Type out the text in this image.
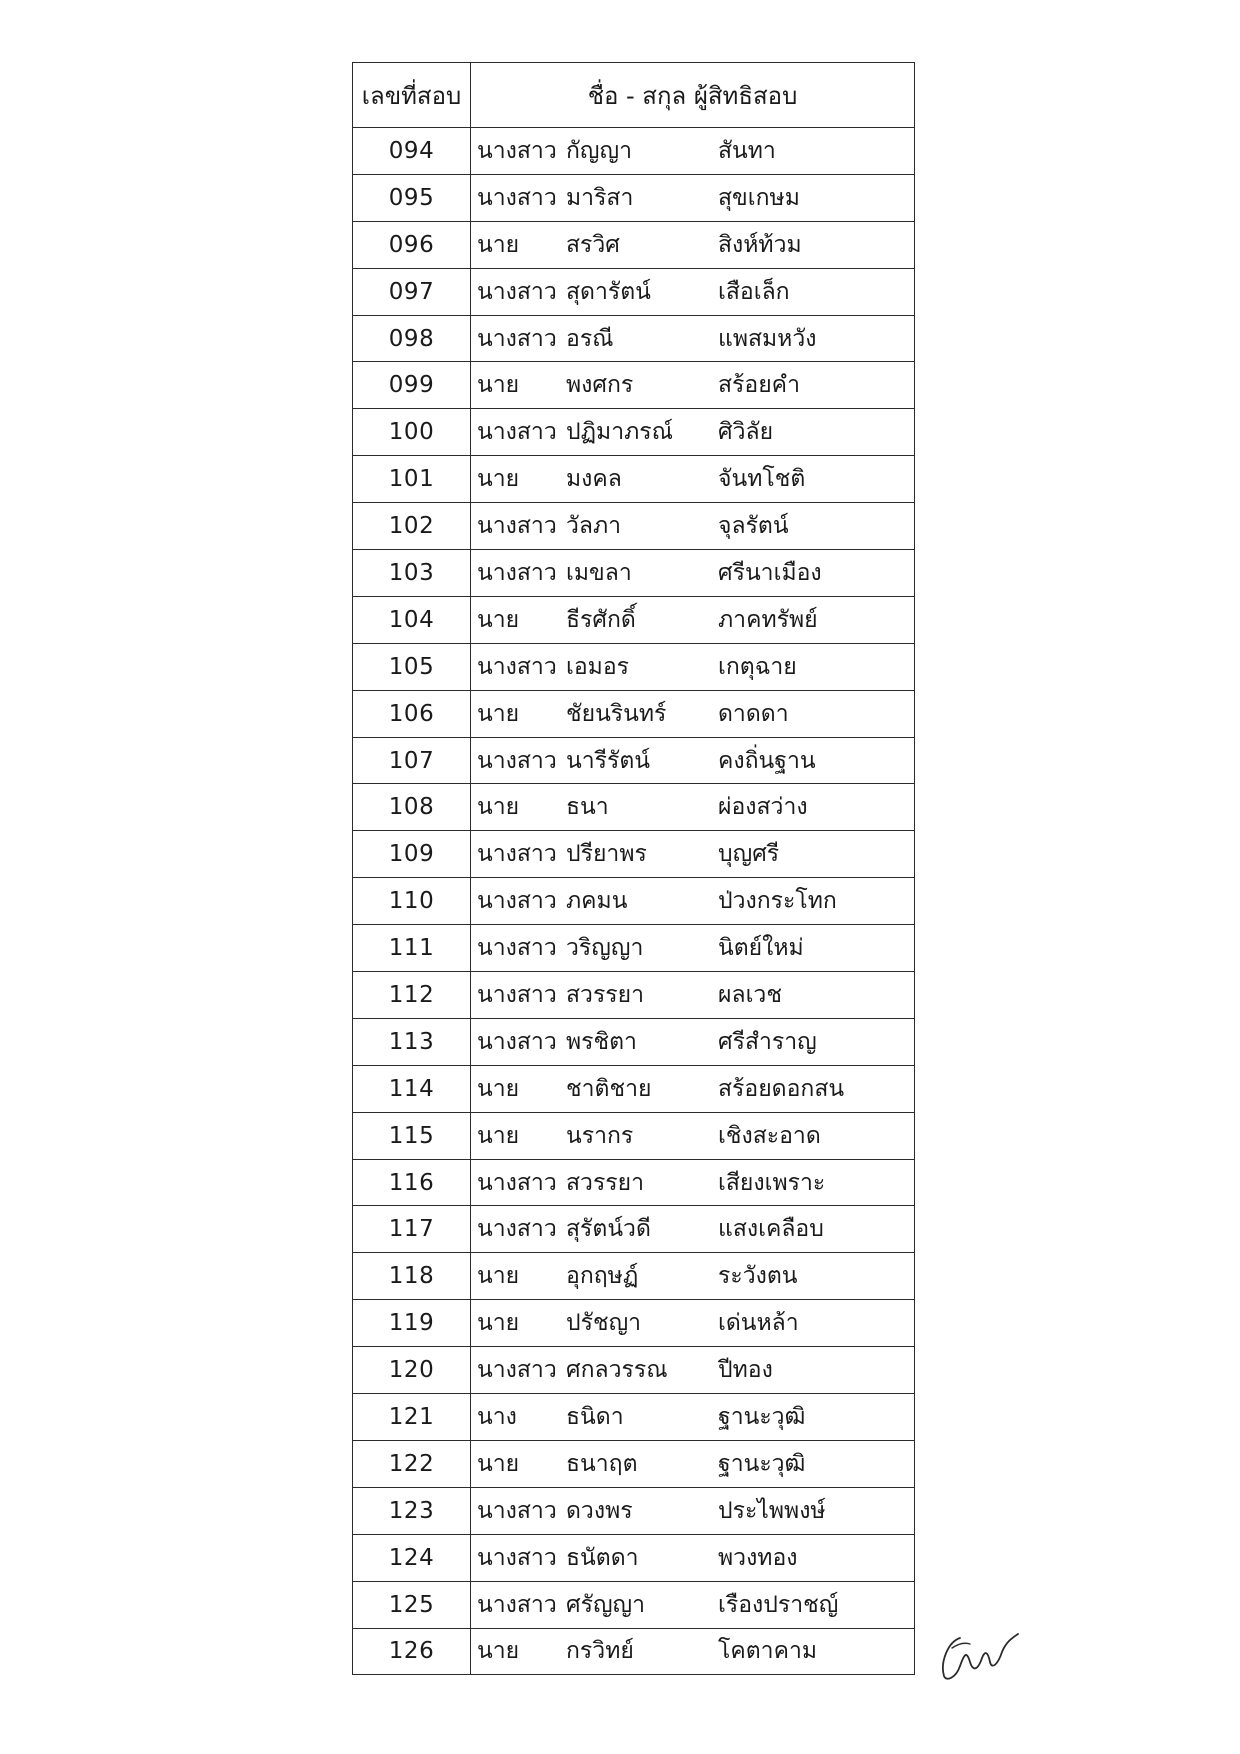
เลขที่สอบ	ชื่อ - สกุล ผู้สิทธิสอบ
094	นางสาว กัญญา สันทา

095	นางสาว มาริสา สุขเกษม

096	นาย สรวิศ สิงห์ท้วม

097	นางสาว สุดารัตน์ เสือเล็ก

098	นางสาว อรณี แพสมหวัง

099	นาย พงศกร สร้อยคำ

100	นางสาว ปฏิมาภรณ์ ศิวิลัย

101	นาย มงคล จันทโชติ

102	นางสาว วัลภา จุลรัตน์

103	นางสาว เมขลา ศรีนาเมือง

104	นาย ธีรศักดิ์ ภาคทรัพย์

105	นางสาว เอมอร เกตุฉาย

106	นาย ชัยนรินทร์ ดาดดา

107	นางสาว นารีรัตน์ คงถิ่นฐาน

108	นาย ธนา ผ่องสว่าง

109	นางสาว ปรียาพร บุญศรี

110	นางสาว ภคมน ป่วงกระโทก

111	นางสาว วริญญา นิตย์ใหม่

112	นางสาว สวรรยา ผลเวช

113	นางสาว พรชิตา ศรีสำราญ

114	นาย ชาติชาย สร้อยดอกสน

115	นาย นรากร เชิงสะอาด

116	นางสาว สวรรยา เสียงเพราะ

117	นางสาว สุรัตน์วดี แสงเคลือบ

118	นาย อุกฤษฏ์ ระวังตน

119	นาย ปรัชญา เด่นหล้า

120	นางสาว ศกลวรรณ ปีทอง

121	นาง ธนิดา ฐานะวุฒิ

122	นาย ธนาฤต ฐานะวุฒิ

123	นางสาว ดวงพร ประไพพงษ์

124	นางสาว ธนัตดา พวงทอง

125	นางสาว ศรัญญา เรืองปราชญ์

126	นาย กรวิทย์ โคตาคาม
